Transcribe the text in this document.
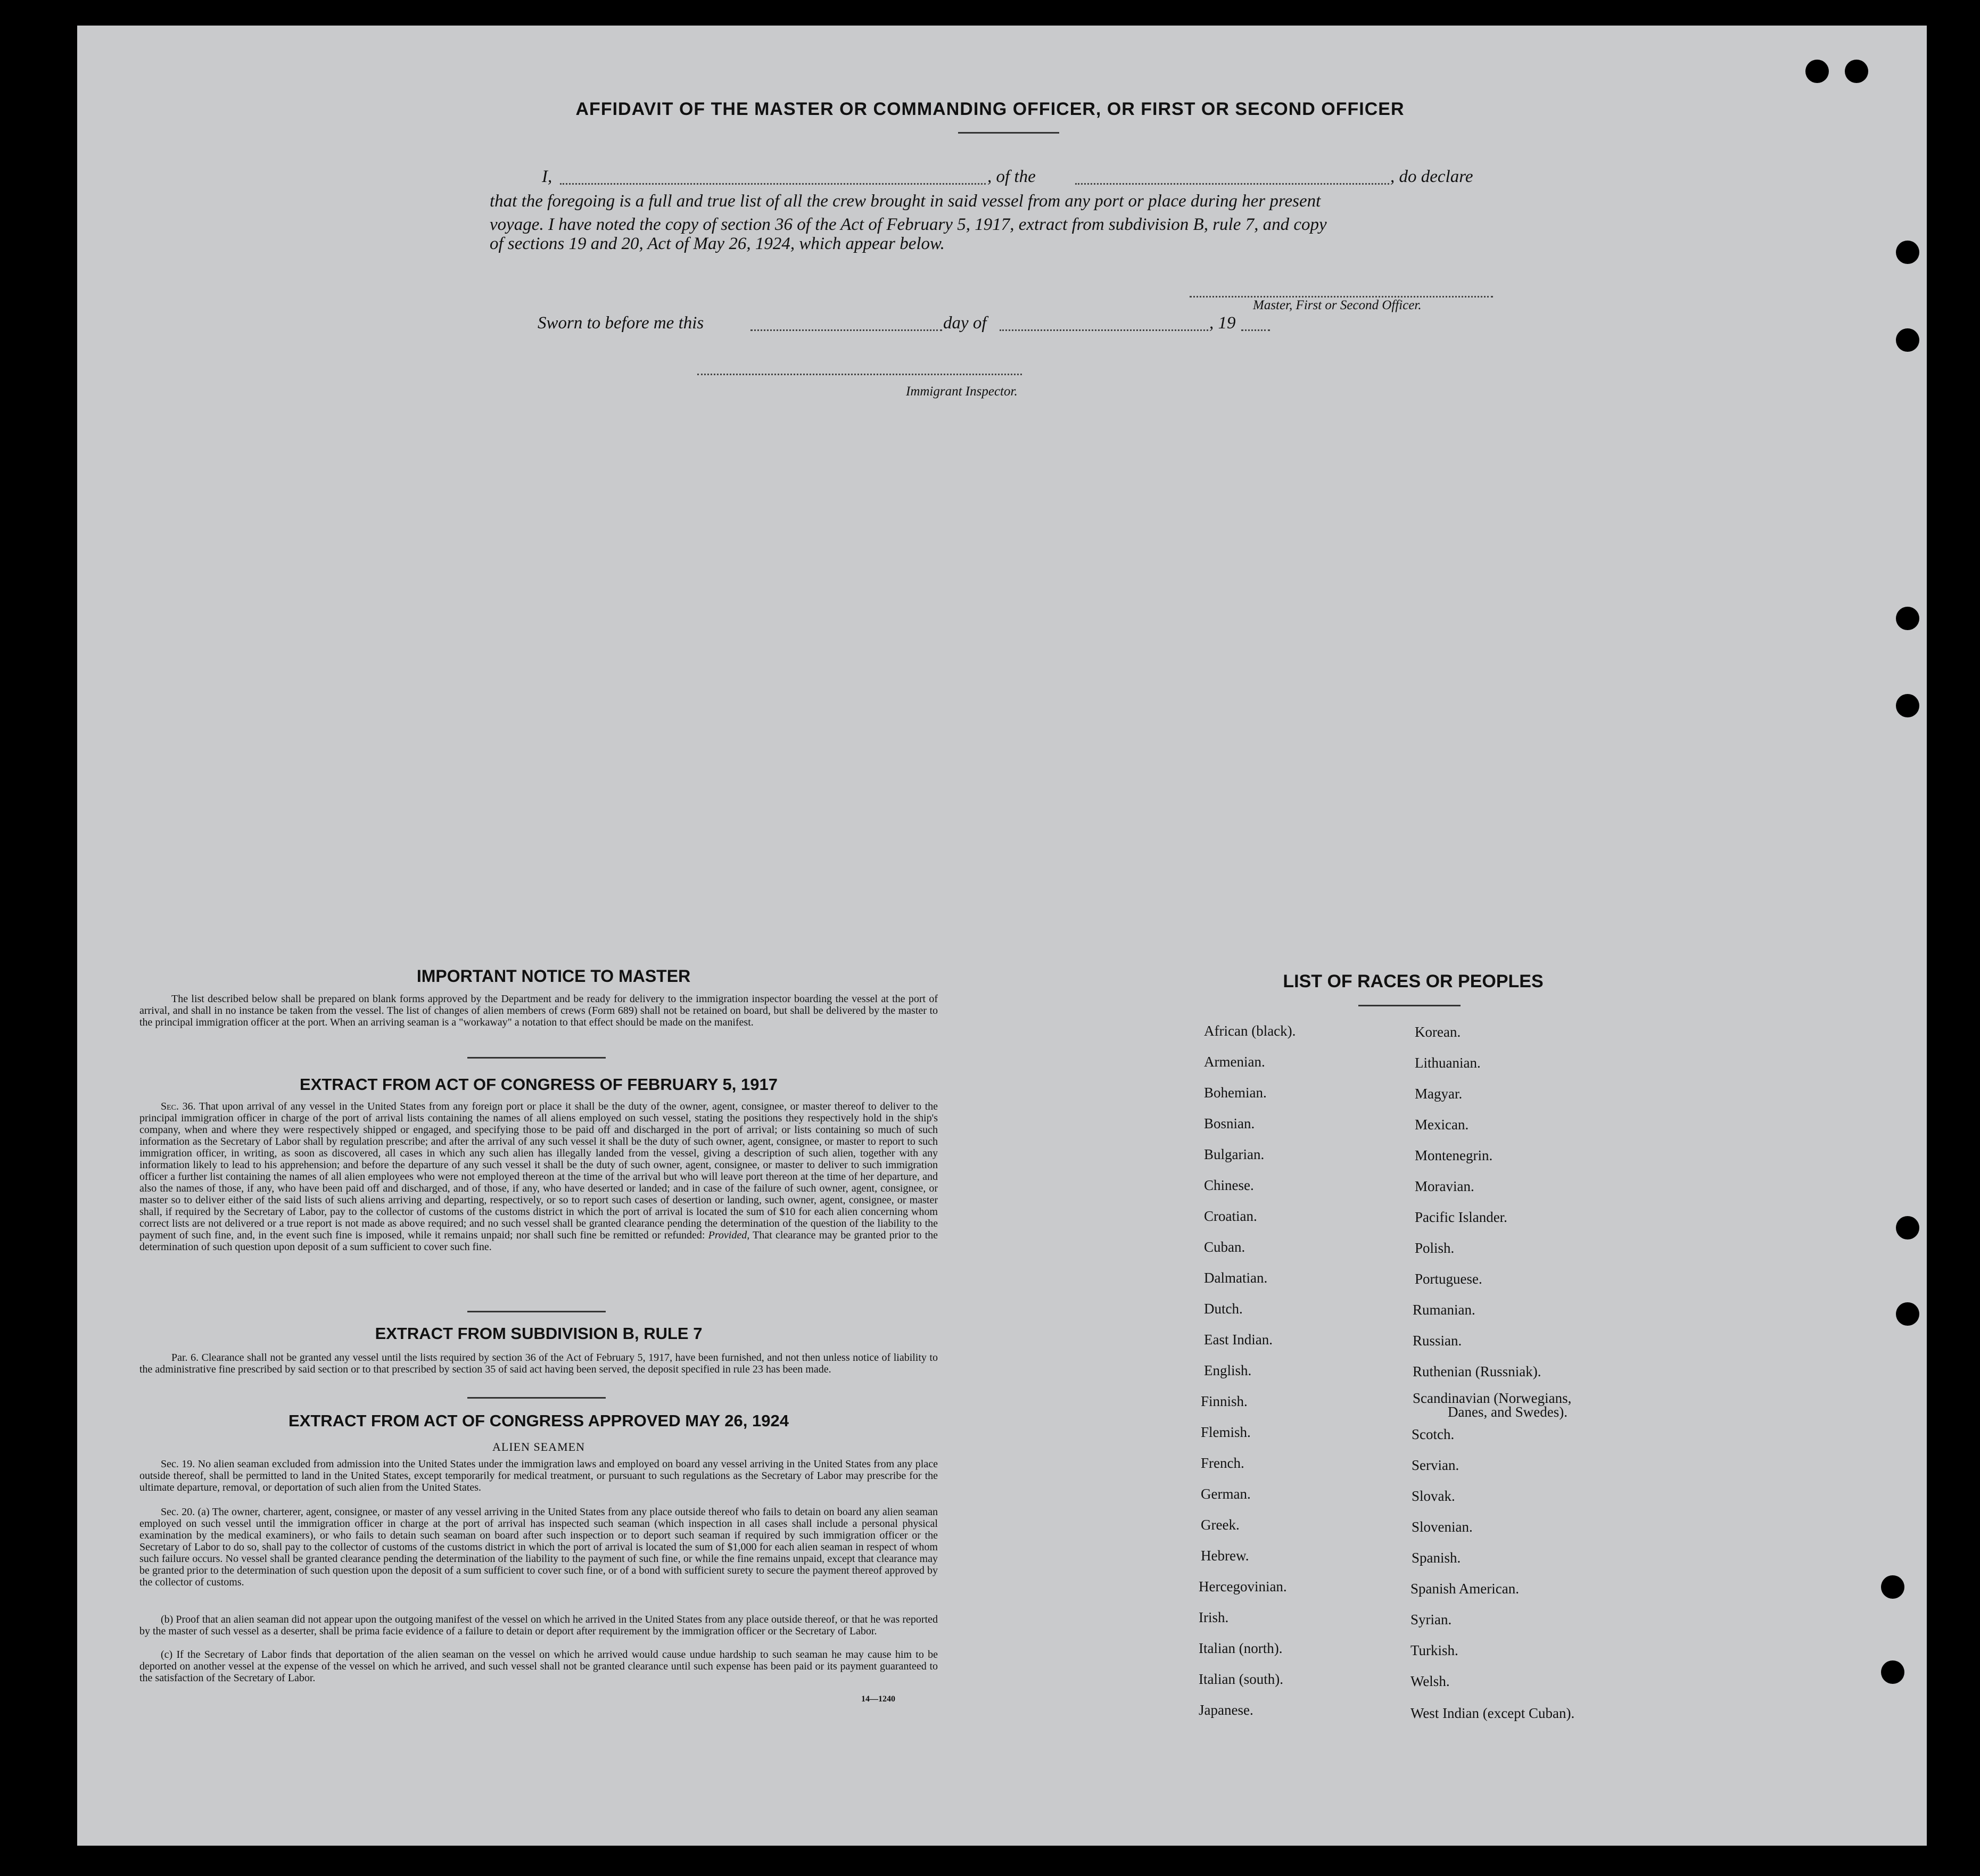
AFFIDAVIT OF THE MASTER OR COMMANDING OFFICER, OR FIRST OR SECOND OFFICER
I,	, of the	, do declare
that the foregoing is a full and true list of all the crew brought in said vessel from any port or place during her present
voyage. I have noted the copy of section 36 of the Act of February 5, 1917, extract from subdivision B, rule 7, and copy
of sections 19 and 20, Act of May 26, 1924, which appear below.
Master, First or Second Officer.
Sworn to before me this	day of	, 19
Immigrant Inspector.
IMPORTANT NOTICE TO MASTER
The list described below shall be prepared on blank forms approved by the Department and be ready for delivery to the immigration inspector boarding the vessel at the port of arrival, and shall in no instance be taken from the vessel. The list of changes of alien members of crews (Form 689) shall not be retained on board, but shall be delivered by the master to the principal immigration officer at the port. When an arriving seaman is a "workaway" a notation to that effect should be made on the manifest.
EXTRACT FROM ACT OF CONGRESS OF FEBRUARY 5, 1917
Sec. 36. That upon arrival of any vessel in the United States from any foreign port or place it shall be the duty of the owner, agent, consignee, or master thereof to deliver to the principal immigration officer in charge of the port of arrival lists containing the names of all aliens employed on such vessel, stating the positions they respectively hold in the ship's company, when and where they were respectively shipped or engaged, and specifying those to be paid off and discharged in the port of arrival; or lists containing so much of such information as the Secretary of Labor shall by regulation prescribe; and after the arrival of any such vessel it shall be the duty of such owner, agent, consignee, or master to report to such immigration officer, in writing, as soon as discovered, all cases in which any such alien has illegally landed from the vessel, giving a description of such alien, together with any information likely to lead to his apprehension; and before the departure of any such vessel it shall be the duty of such owner, agent, consignee, or master to deliver to such immigration officer a further list containing the names of all alien employees who were not employed thereon at the time of the arrival but who will leave port thereon at the time of her departure, and also the names of those, if any, who have been paid off and discharged, and of those, if any, who have deserted or landed; and in case of the failure of such owner, agent, consignee, or master so to deliver either of the said lists of such aliens arriving and departing, respectively, or so to report such cases of desertion or landing, such owner, agent, consignee, or master shall, if required by the Secretary of Labor, pay to the collector of customs of the customs district in which the port of arrival is located the sum of $10 for each alien concerning whom correct lists are not delivered or a true report is not made as above required; and no such vessel shall be granted clearance pending the determination of the question of the liability to the payment of such fine, and, in the event such fine is imposed, while it remains unpaid; nor shall such fine be remitted or refunded: Provided, That clearance may be granted prior to the determination of such question upon deposit of a sum sufficient to cover such fine.
EXTRACT FROM SUBDIVISION B, RULE 7
Par. 6. Clearance shall not be granted any vessel until the lists required by section 36 of the Act of February 5, 1917, have been furnished, and not then unless notice of liability to the administrative fine prescribed by said section or to that prescribed by section 35 of said act having been served, the deposit specified in rule 23 has been made.
EXTRACT FROM ACT OF CONGRESS APPROVED MAY 26, 1924
ALIEN SEAMEN
Sec. 19. No alien seaman excluded from admission into the United States under the immigration laws and employed on board any vessel arriving in the United States from any place outside thereof, shall be permitted to land in the United States, except temporarily for medical treatment, or pursuant to such regulations as the Secretary of Labor may prescribe for the ultimate departure, removal, or deportation of such alien from the United States.
Sec. 20. (a) The owner, charterer, agent, consignee, or master of any vessel arriving in the United States from any place outside thereof who fails to detain on board any alien seaman employed on such vessel until the immigration officer in charge at the port of arrival has inspected such seaman (which inspection in all cases shall include a personal physical examination by the medical examiners), or who fails to detain such seaman on board after such inspection or to deport such seaman if required by such immigration officer or the Secretary of Labor to do so, shall pay to the collector of customs of the customs district in which the port of arrival is located the sum of $1,000 for each alien seaman in respect of whom such failure occurs. No vessel shall be granted clearance pending the determination of the liability to the payment of such fine, or while the fine remains unpaid, except that clearance may be granted prior to the determination of such question upon the deposit of a sum sufficient to cover such fine, or of a bond with sufficient surety to secure the payment thereof approved by the collector of customs.
(b) Proof that an alien seaman did not appear upon the outgoing manifest of the vessel on which he arrived in the United States from any place outside thereof, or that he was reported by the master of such vessel as a deserter, shall be prima facie evidence of a failure to detain or deport after requirement by the immigration officer or the Secretary of Labor.
(c) If the Secretary of Labor finds that deportation of the alien seaman on the vessel on which he arrived would cause undue hardship to such seaman he may cause him to be deported on another vessel at the expense of the vessel on which he arrived, and such vessel shall not be granted clearance until such expense has been paid or its payment guaranteed to the satisfaction of the Secretary of Labor.
14—1240
LIST OF RACES OR PEOPLES
African (black).
Armenian.
Bohemian.
Bosnian.
Bulgarian.
Chinese.
Croatian.
Cuban.
Dalmatian.
Dutch.
East Indian.
English.
Finnish.
Flemish.
French.
German.
Greek.
Hebrew.
Hercegovinian.
Irish.
Italian (north).
Italian (south).
Japanese.
Korean.
Lithuanian.
Magyar.
Mexican.
Montenegrin.
Moravian.
Pacific Islander.
Polish.
Portuguese.
Rumanian.
Russian.
Ruthenian (Russniak).
Scandinavian (Norwegians,
Danes, and Swedes).
Scotch.
Servian.
Slovak.
Slovenian.
Spanish.
Spanish American.
Syrian.
Turkish.
Welsh.
West Indian (except Cuban).
